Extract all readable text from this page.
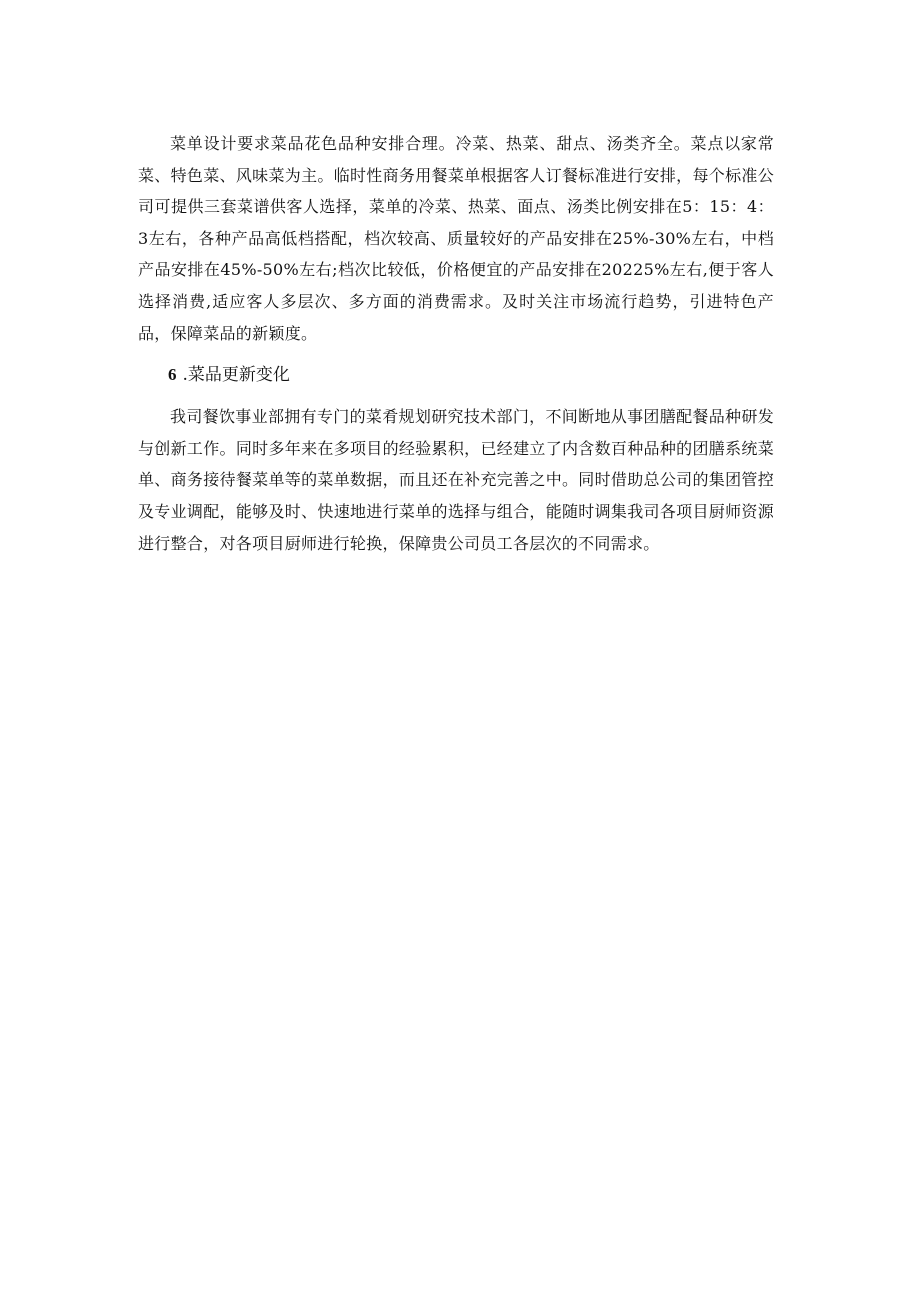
菜单设计要求菜品花色品种安排合理。冷菜、热菜、甜点、汤类齐全。菜点以家常菜、特色菜、风味菜为主。临时性商务用餐菜单根据客人订餐标准进行安排，每个标准公司可提供三套菜谱供客人选择，菜单的冷菜、热菜、面点、汤类比例安排在5：15：4：3左右，各种产品高低档搭配，档次较高、质量较好的产品安排在25%-30%左右，中档产品安排在45%-50%左右;档次比较低，价格便宜的产品安排在20225%左右,便于客人选择消费,适应客人多层次、多方面的消费需求。及时关注市场流行趋势，引进特色产品，保障菜品的新颖度。

6 .菜品更新变化

我司餐饮事业部拥有专门的菜肴规划研究技术部门，不间断地从事团膳配餐品种研发与创新工作。同时多年来在多项目的经验累积，已经建立了内含数百种品种的团膳系统菜单、商务接待餐菜单等的菜单数据，而且还在补充完善之中。同时借助总公司的集团管控及专业调配，能够及时、快速地进行菜单的选择与组合，能随时调集我司各项目厨师资源进行整合，对各项目厨师进行轮换，保障贵公司员工各层次的不同需求。
